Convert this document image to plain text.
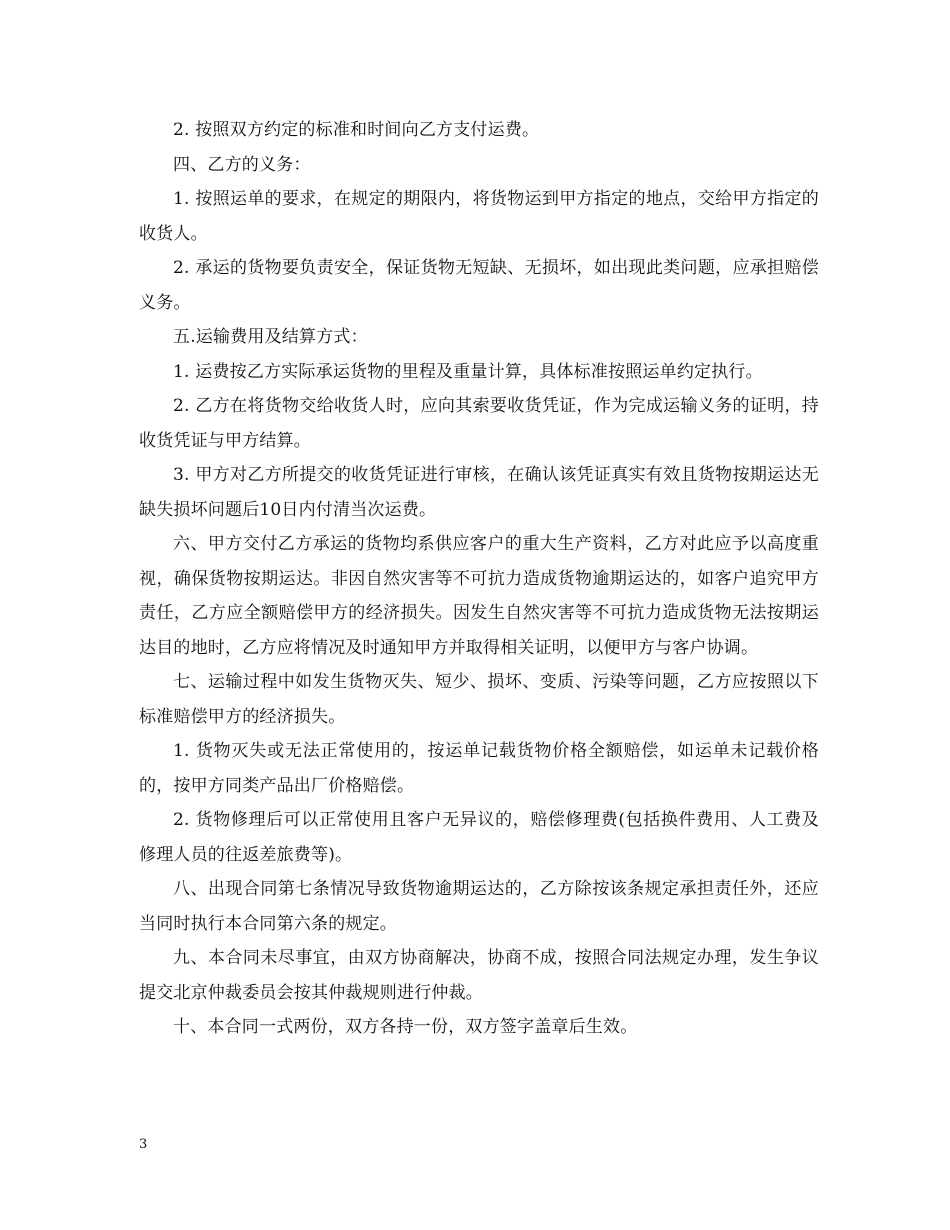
2. 按照双方约定的标准和时间向乙方支付运费。

四、乙方的义务：

1. 按照运单的要求，在规定的期限内，将货物运到甲方指定的地点，交给甲方指定的收货人。

2. 承运的货物要负责安全，保证货物无短缺、无损坏，如出现此类问题，应承担赔偿义务。

五.运输费用及结算方式：

1. 运费按乙方实际承运货物的里程及重量计算，具体标准按照运单约定执行。

2. 乙方在将货物交给收货人时，应向其索要收货凭证，作为完成运输义务的证明，持收货凭证与甲方结算。

3. 甲方对乙方所提交的收货凭证进行审核，在确认该凭证真实有效且货物按期运达无缺失损坏问题后10日内付清当次运费。

六、甲方交付乙方承运的货物均系供应客户的重大生产资料，乙方对此应予以高度重视，确保货物按期运达。非因自然灾害等不可抗力造成货物逾期运达的，如客户追究甲方责任，乙方应全额赔偿甲方的经济损失。因发生自然灾害等不可抗力造成货物无法按期运达目的地时，乙方应将情况及时通知甲方并取得相关证明，以便甲方与客户协调。

七、运输过程中如发生货物灭失、短少、损坏、变质、污染等问题，乙方应按照以下标准赔偿甲方的经济损失。

1. 货物灭失或无法正常使用的，按运单记载货物价格全额赔偿，如运单未记载价格的，按甲方同类产品出厂价格赔偿。

2. 货物修理后可以正常使用且客户无异议的，赔偿修理费(包括换件费用、人工费及修理人员的往返差旅费等)。

八、出现合同第七条情况导致货物逾期运达的，乙方除按该条规定承担责任外，还应当同时执行本合同第六条的规定。

九、本合同未尽事宜，由双方协商解决，协商不成，按照合同法规定办理，发生争议提交北京仲裁委员会按其仲裁规则进行仲裁。

十、本合同一式两份，双方各持一份，双方签字盖章后生效。

3
